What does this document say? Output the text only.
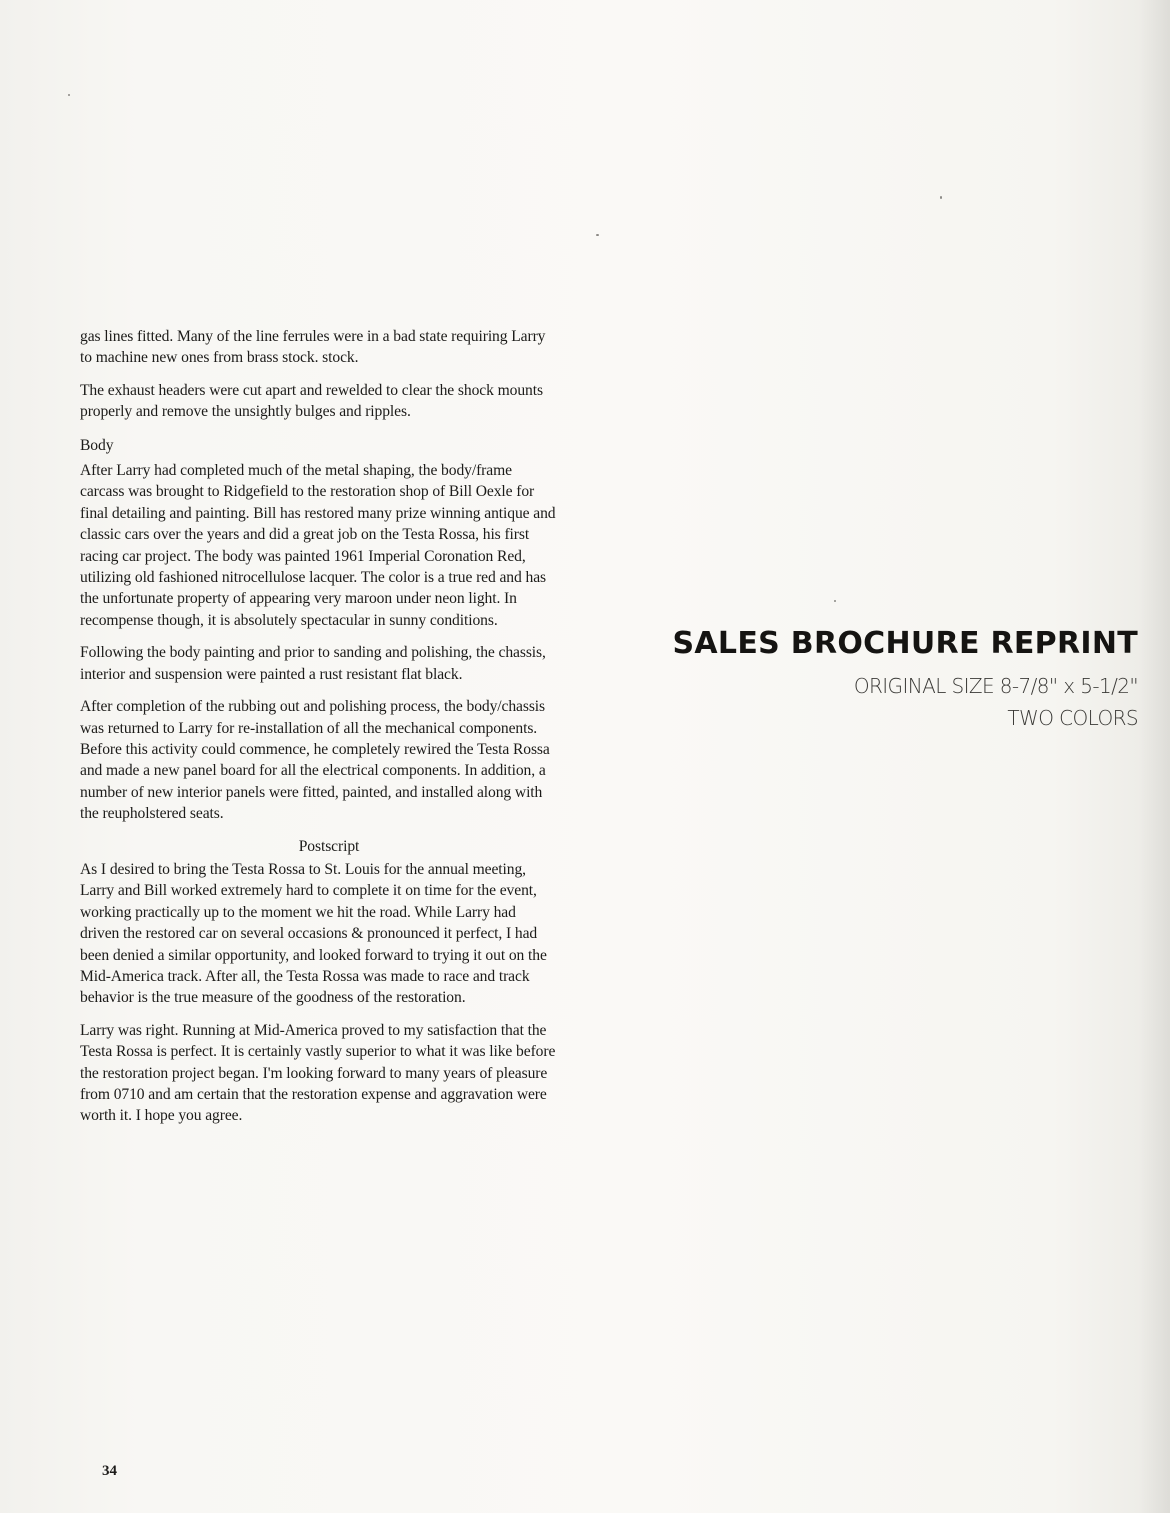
gas lines fitted. Many of the line ferrules were in a bad state requiring Larry to machine new ones from brass stock. stock.

The exhaust headers were cut apart and rewelded to clear the shock mounts properly and remove the unsightly bulges and ripples.

Body

After Larry had completed much of the metal shaping, the body/frame carcass was brought to Ridgefield to the restoration shop of Bill Oexle for final detailing and painting. Bill has restored many prize winning antique and classic cars over the years and did a great job on the Testa Rossa, his first racing car project. The body was painted 1961 Imperial Coronation Red, utilizing old fashioned nitrocellulose lacquer. The color is a true red and has the unfortunate property of appearing very maroon under neon light. In recompense though, it is absolutely spectacular in sunny conditions.

Following the body painting and prior to sanding and polishing, the chassis, interior and suspension were painted a rust resistant flat black.

After completion of the rubbing out and polishing process, the body/chassis was returned to Larry for re-installation of all the mechanical components. Before this activity could commence, he completely rewired the Testa Rossa and made a new panel board for all the electrical components. In addition, a number of new interior panels were fitted, painted, and installed along with the reupholstered seats.

Postscript

As I desired to bring the Testa Rossa to St. Louis for the annual meeting, Larry and Bill worked extremely hard to complete it on time for the event, working practically up to the moment we hit the road. While Larry had driven the restored car on several occasions & pronounced it perfect, I had been denied a similar opportunity, and looked forward to trying it out on the Mid-America track. After all, the Testa Rossa was made to race and track behavior is the true measure of the goodness of the restoration.

Larry was right. Running at Mid-America proved to my satisfaction that the Testa Rossa is perfect. It is certainly vastly superior to what it was like before the restoration project began. I'm looking forward to many years of pleasure from 0710 and am certain that the restoration expense and aggravation were worth it. I hope you agree.

34
SALES BROCHURE REPRINT
ORIGINAL SIZE 8-7/8" x 5-1/2"
TWO COLORS
